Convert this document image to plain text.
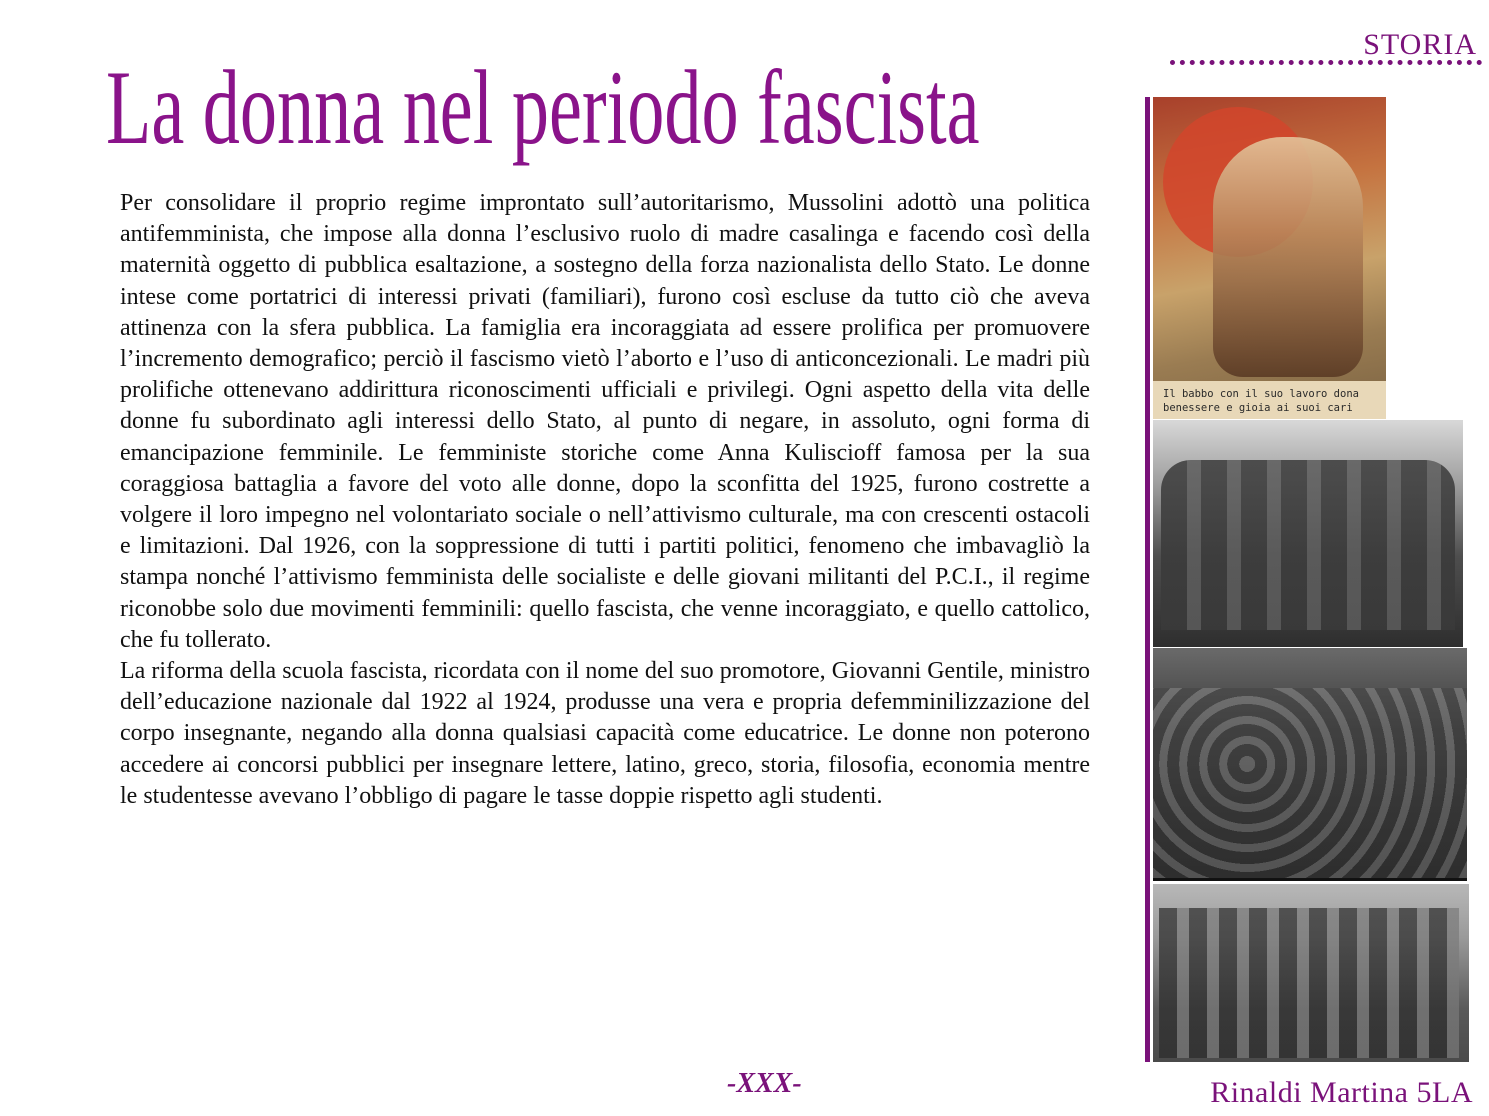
STORIA
La donna nel periodo fascista

Per consolidare il proprio regime improntato sull’autoritarismo, Mussolini adottò una politica antifemminista, che impose alla donna l’esclusivo ruolo di madre casalinga e facendo così della maternità oggetto di pubblica esaltazione, a sostegno della forza nazionalista dello Stato. Le donne intese come portatrici di interessi privati (familiari), furono così escluse da tutto ciò che aveva attinenza con la sfera pubblica. La famiglia era incoraggiata ad essere prolifica per promuovere l’incremento demografico; perciò il fascismo vietò l’aborto e l’uso di anticoncezionali. Le madri più prolifiche ottenevano addirittura riconoscimenti ufficiali e privilegi. Ogni aspetto della vita delle donne fu subordinato agli interessi dello Stato, al punto di negare, in assoluto, ogni forma di emancipazione femminile. Le femministe storiche come Anna Kuliscioff famosa per la sua coraggiosa battaglia a favore del voto alle donne, dopo la sconfitta del 1925, furono costrette a volgere il loro impegno nel volontariato sociale o nell’attivismo culturale, ma con crescenti ostacoli e limitazioni. Dal 1926, con la soppressione di tutti i partiti politici, fenomeno che imbavagliò la stampa nonché l’attivismo femminista delle socialiste e delle giovani militanti del P.C.I., il regime riconobbe solo due movimenti femminili: quello fascista, che venne incoraggiato, e quello cattolico, che fu tollerato.

La riforma della scuola fascista, ricordata con il nome del suo promotore, Giovanni Gentile, ministro dell’educazione nazionale dal 1922 al 1924, produsse una vera e propria defemminilizzazione del corpo insegnante, negando alla donna qualsiasi capacità come educatrice. Le donne non poterono accedere ai concorsi pubblici per insegnare lettere, latino, greco, storia, filosofia, economia mentre le studentesse avevano l’obbligo di pagare le tasse doppie rispetto agli studenti.

Il babbo con il suo lavoro dona
benessere e gioia ai suoi cari
-XXX-	Rinaldi Martina 5LA
